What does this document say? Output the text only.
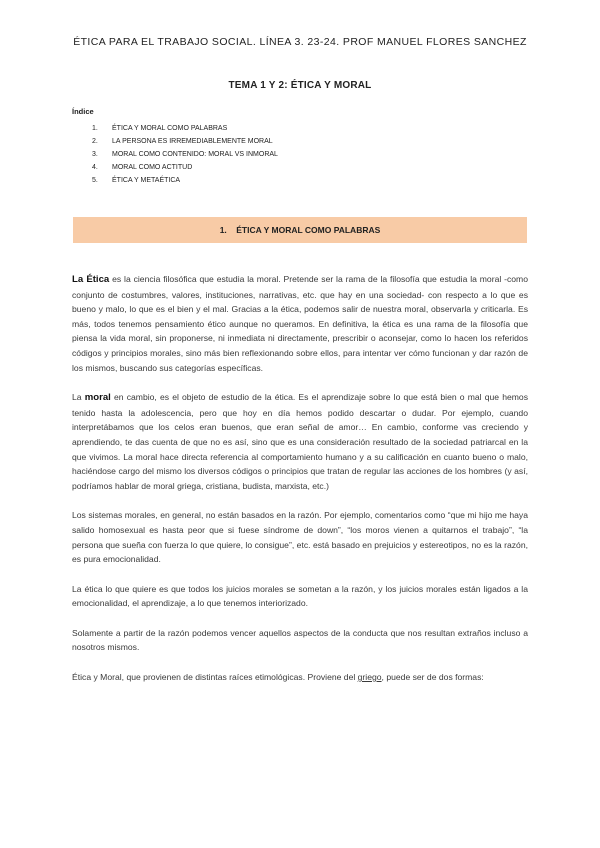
ÉTICA PARA EL TRABAJO SOCIAL. LÍNEA 3. 23-24. PROF MANUEL FLORES SANCHEZ
TEMA 1 Y 2: ÉTICA Y MORAL
Índice
1.	ÉTICA Y MORAL COMO PALABRAS
2.	LA PERSONA ES IRREMEDIABLEMENTE MORAL
3.	MORAL COMO CONTENIDO: MORAL VS INMORAL
4.	MORAL COMO ACTITUD
5.	ÉTICA Y METAÉTICA
1.
ÉTICA Y MORAL COMO PALABRAS

La Ética es la ciencia filosófica que estudia la moral. Pretende ser la rama de la filosofía que estudia la moral -como conjunto de costumbres, valores, instituciones, narrativas, etc. que hay en una sociedad- con respecto a lo que es bueno y malo, lo que es el bien y el mal. Gracias a la ética, podemos salir de nuestra moral, observarla y criticarla. Es más, todos tenemos pensamiento ético aunque no queramos. En definitiva, la ética es una rama de la filosofía que piensa la vida moral, sin proponerse, ni inmediata ni directamente, prescribir o aconsejar, como lo hacen los referidos códigos y principios morales, sino más bien reflexionando sobre ellos, para intentar ver cómo funcionan y dar razón de los mismos, buscando sus categorías específicas.

La moral en cambio, es el objeto de estudio de la ética. Es el aprendizaje sobre lo que está bien o mal que hemos tenido hasta la adolescencia, pero que hoy en día hemos podido descartar o dudar. Por ejemplo, cuando interpretábamos que los celos eran buenos, que eran señal de amor… En cambio, conforme vas creciendo y aprendiendo, te das cuenta de que no es así, sino que es una consideración resultado de la sociedad patriarcal en la que vivimos. La moral hace directa referencia al comportamiento humano y a su calificación en cuanto bueno o malo, haciéndose cargo del mismo los diversos códigos o principios que tratan de regular las acciones de los hombres (y así, podríamos hablar de moral griega, cristiana, budista, marxista, etc.)

Los sistemas morales, en general, no están basados en la razón. Por ejemplo, comentarios como “que mi hijo me haya salido homosexual es hasta peor que si fuese síndrome de down”, “los moros vienen a quitarnos el trabajo”, “la persona que sueña con fuerza lo que quiere, lo consigue”, etc. está basado en prejuicios y estereotipos, no es la razón, es pura emocionalidad.

La ética lo que quiere es que todos los juicios morales se sometan a la razón, y los juicios morales están ligados a la emocionalidad, el aprendizaje, a lo que tenemos interiorizado.

Solamente a partir de la razón podemos vencer aquellos aspectos de la conducta que nos resultan extraños incluso a nosotros mismos.

Ética y Moral, que provienen de distintas raíces etimológicas. Proviene del griego, puede ser de dos formas:
